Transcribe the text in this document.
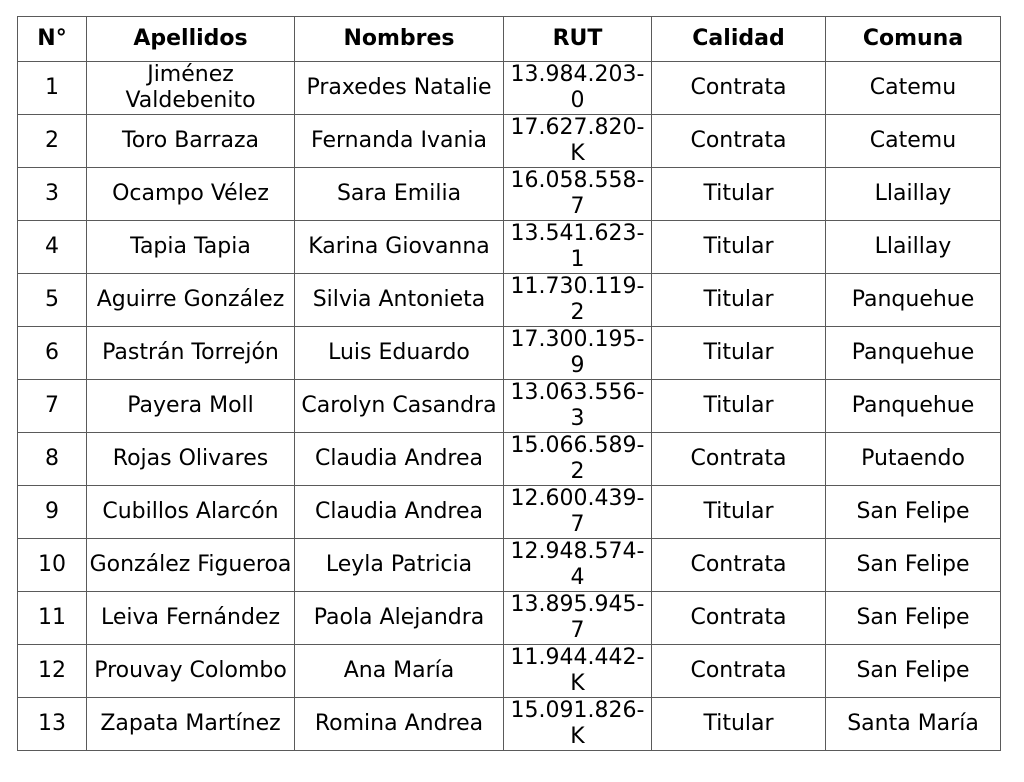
N°	Apellidos	Nombres	RUT	Calidad	Comuna
1	Jiménez Valdebenito	Praxedes Natalie	13.984.203-0	Contrata	Catemu
2	Toro Barraza	Fernanda Ivania	17.627.820-K	Contrata	Catemu
3	Ocampo Vélez	Sara Emilia	16.058.558-7	Titular	Llaillay
4	Tapia Tapia	Karina Giovanna	13.541.623-1	Titular	Llaillay
5	Aguirre González	Silvia Antonieta	11.730.119-2	Titular	Panquehue
6	Pastrán Torrejón	Luis Eduardo	17.300.195-9	Titular	Panquehue
7	Payera Moll	Carolyn Casandra	13.063.556-3	Titular	Panquehue
8	Rojas Olivares	Claudia Andrea	15.066.589-2	Contrata	Putaendo
9	Cubillos Alarcón	Claudia Andrea	12.600.439-7	Titular	San Felipe
10	González Figueroa	Leyla Patricia	12.948.574-4	Contrata	San Felipe
11	Leiva Fernández	Paola Alejandra	13.895.945-7	Contrata	San Felipe
12	Prouvay Colombo	Ana María	11.944.442-K	Contrata	San Felipe
13	Zapata Martínez	Romina Andrea	15.091.826-K	Titular	Santa María
